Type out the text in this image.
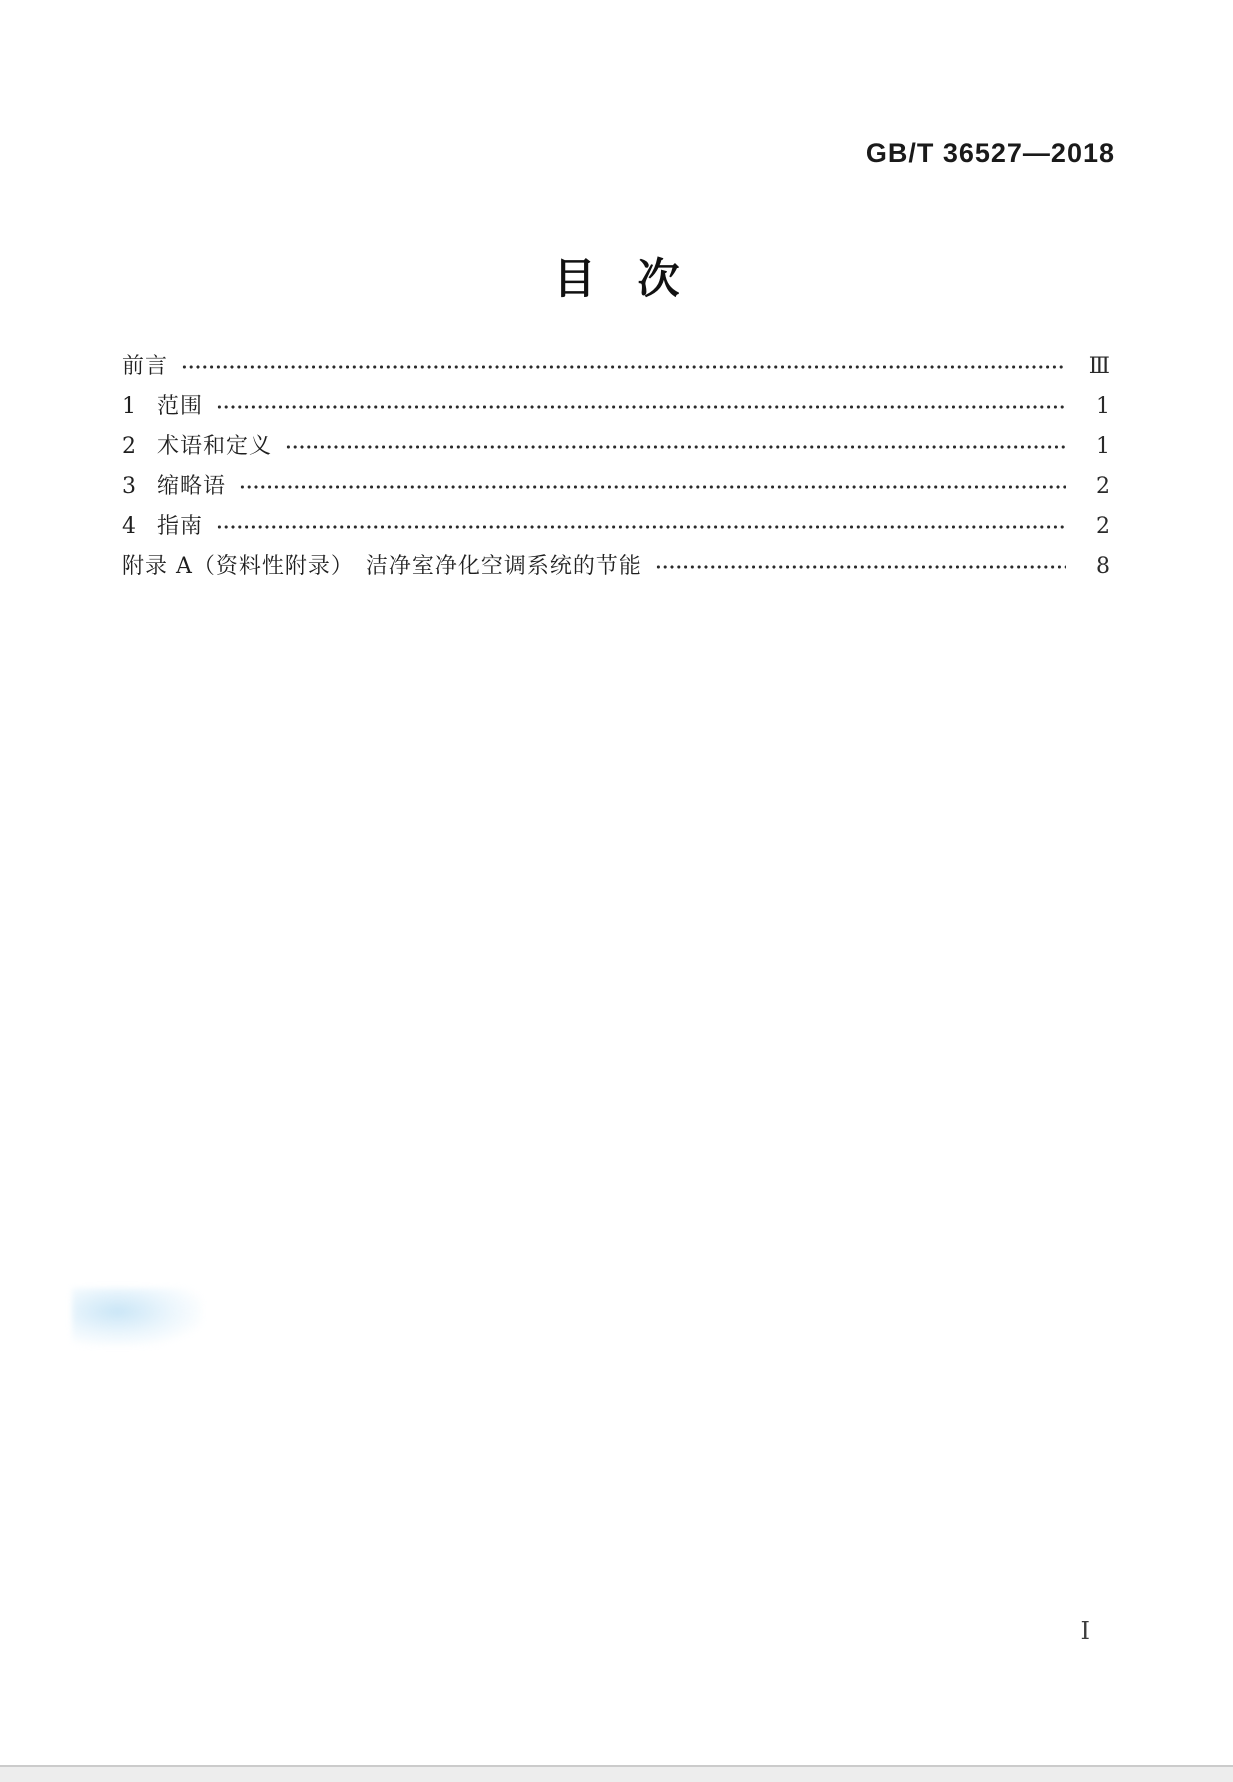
GB/T 36527—2018
目　次
前言	Ⅲ
1 范围	1
2 术语和定义	1
3 缩略语	2
4 指南	2
附录 A（资料性附录）　洁净室净化空调系统的节能	8
Ⅰ
